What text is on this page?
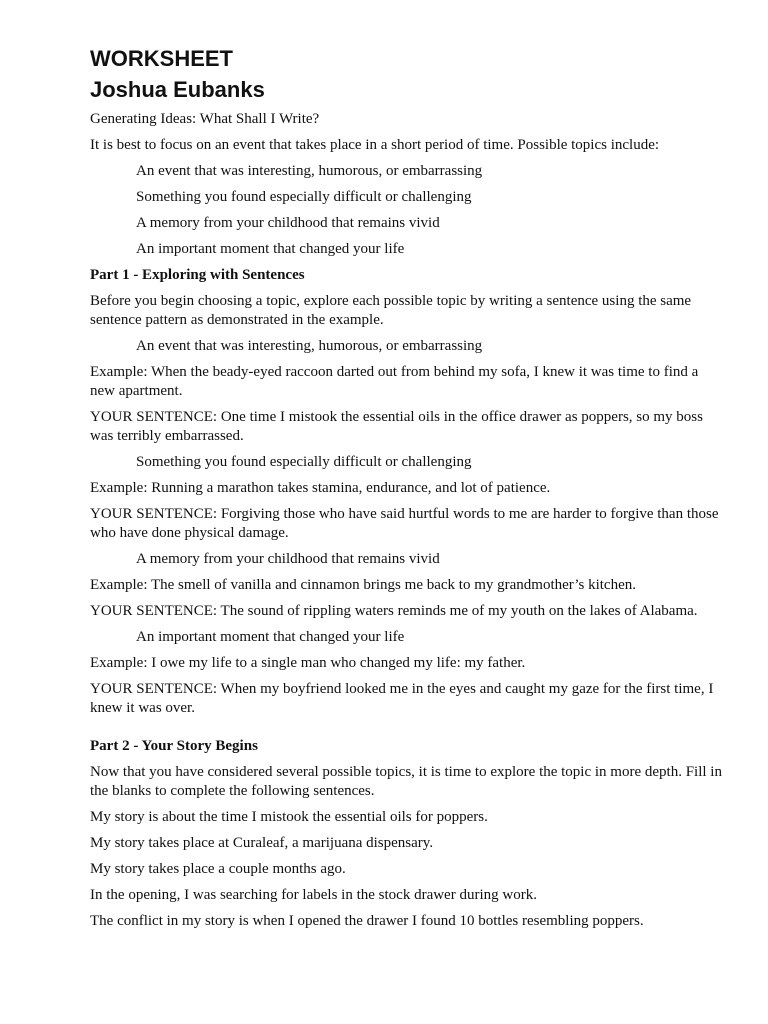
WORKSHEET
Joshua Eubanks

Generating Ideas: What Shall I Write?

It is best to focus on an event that takes place in a short period of time. Possible topics include:

An event that was interesting, humorous, or embarrassing

Something you found especially difficult or challenging

A memory from your childhood that remains vivid

An important moment that changed your life

Part 1 - Exploring with Sentences

Before you begin choosing a topic, explore each possible topic by writing a sentence using the same sentence pattern as demonstrated in the example.

An event that was interesting, humorous, or embarrassing

Example: When the beady-eyed raccoon darted out from behind my sofa, I knew it was time to find a new apartment.

YOUR SENTENCE: One time I mistook the essential oils in the office drawer as poppers, so my boss was terribly embarrassed.

Something you found especially difficult or challenging

Example: Running a marathon takes stamina, endurance, and lot of patience.

YOUR SENTENCE: Forgiving those who have said hurtful words to me are harder to forgive than those who have done physical damage.

A memory from your childhood that remains vivid

Example: The smell of vanilla and cinnamon brings me back to my grandmother’s kitchen.

YOUR SENTENCE: The sound of rippling waters reminds me of my youth on the lakes of Alabama.

An important moment that changed your life

Example: I owe my life to a single man who changed my life: my father.

YOUR SENTENCE: When my boyfriend looked me in the eyes and caught my gaze for the first time, I knew it was over.

Part 2 - Your Story Begins

Now that you have considered several possible topics, it is time to explore the topic in more depth. Fill in the blanks to complete the following sentences.

My story is about the time I mistook the essential oils for poppers.

My story takes place at Curaleaf, a marijuana dispensary.

My story takes place a couple months ago.

In the opening, I was searching for labels in the stock drawer during work.

The conflict in my story is when I opened the drawer I found 10 bottles resembling poppers.
